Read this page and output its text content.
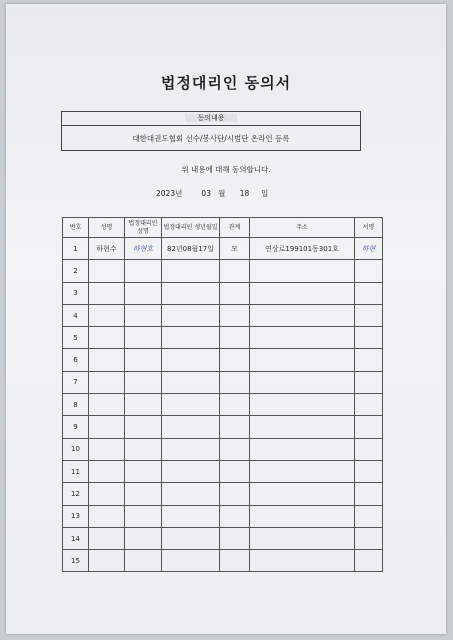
법정대리인 동의서
동의내용
대한대권도협회 선수/봉사단/시범단 온라인 등록
위 내용에 대해 동의합니다.
2023년	03 월 18 일
번호	성명	법정대리인 성명	법정대리인 생년월일	관계	주소	서명
1	하현수	하현호	82년08월17일	모	연상로199101동301호	하현
2						
3						
4						
5						
6						
7						
8						
9						
10						
11						
12						
13						
14						
15						
